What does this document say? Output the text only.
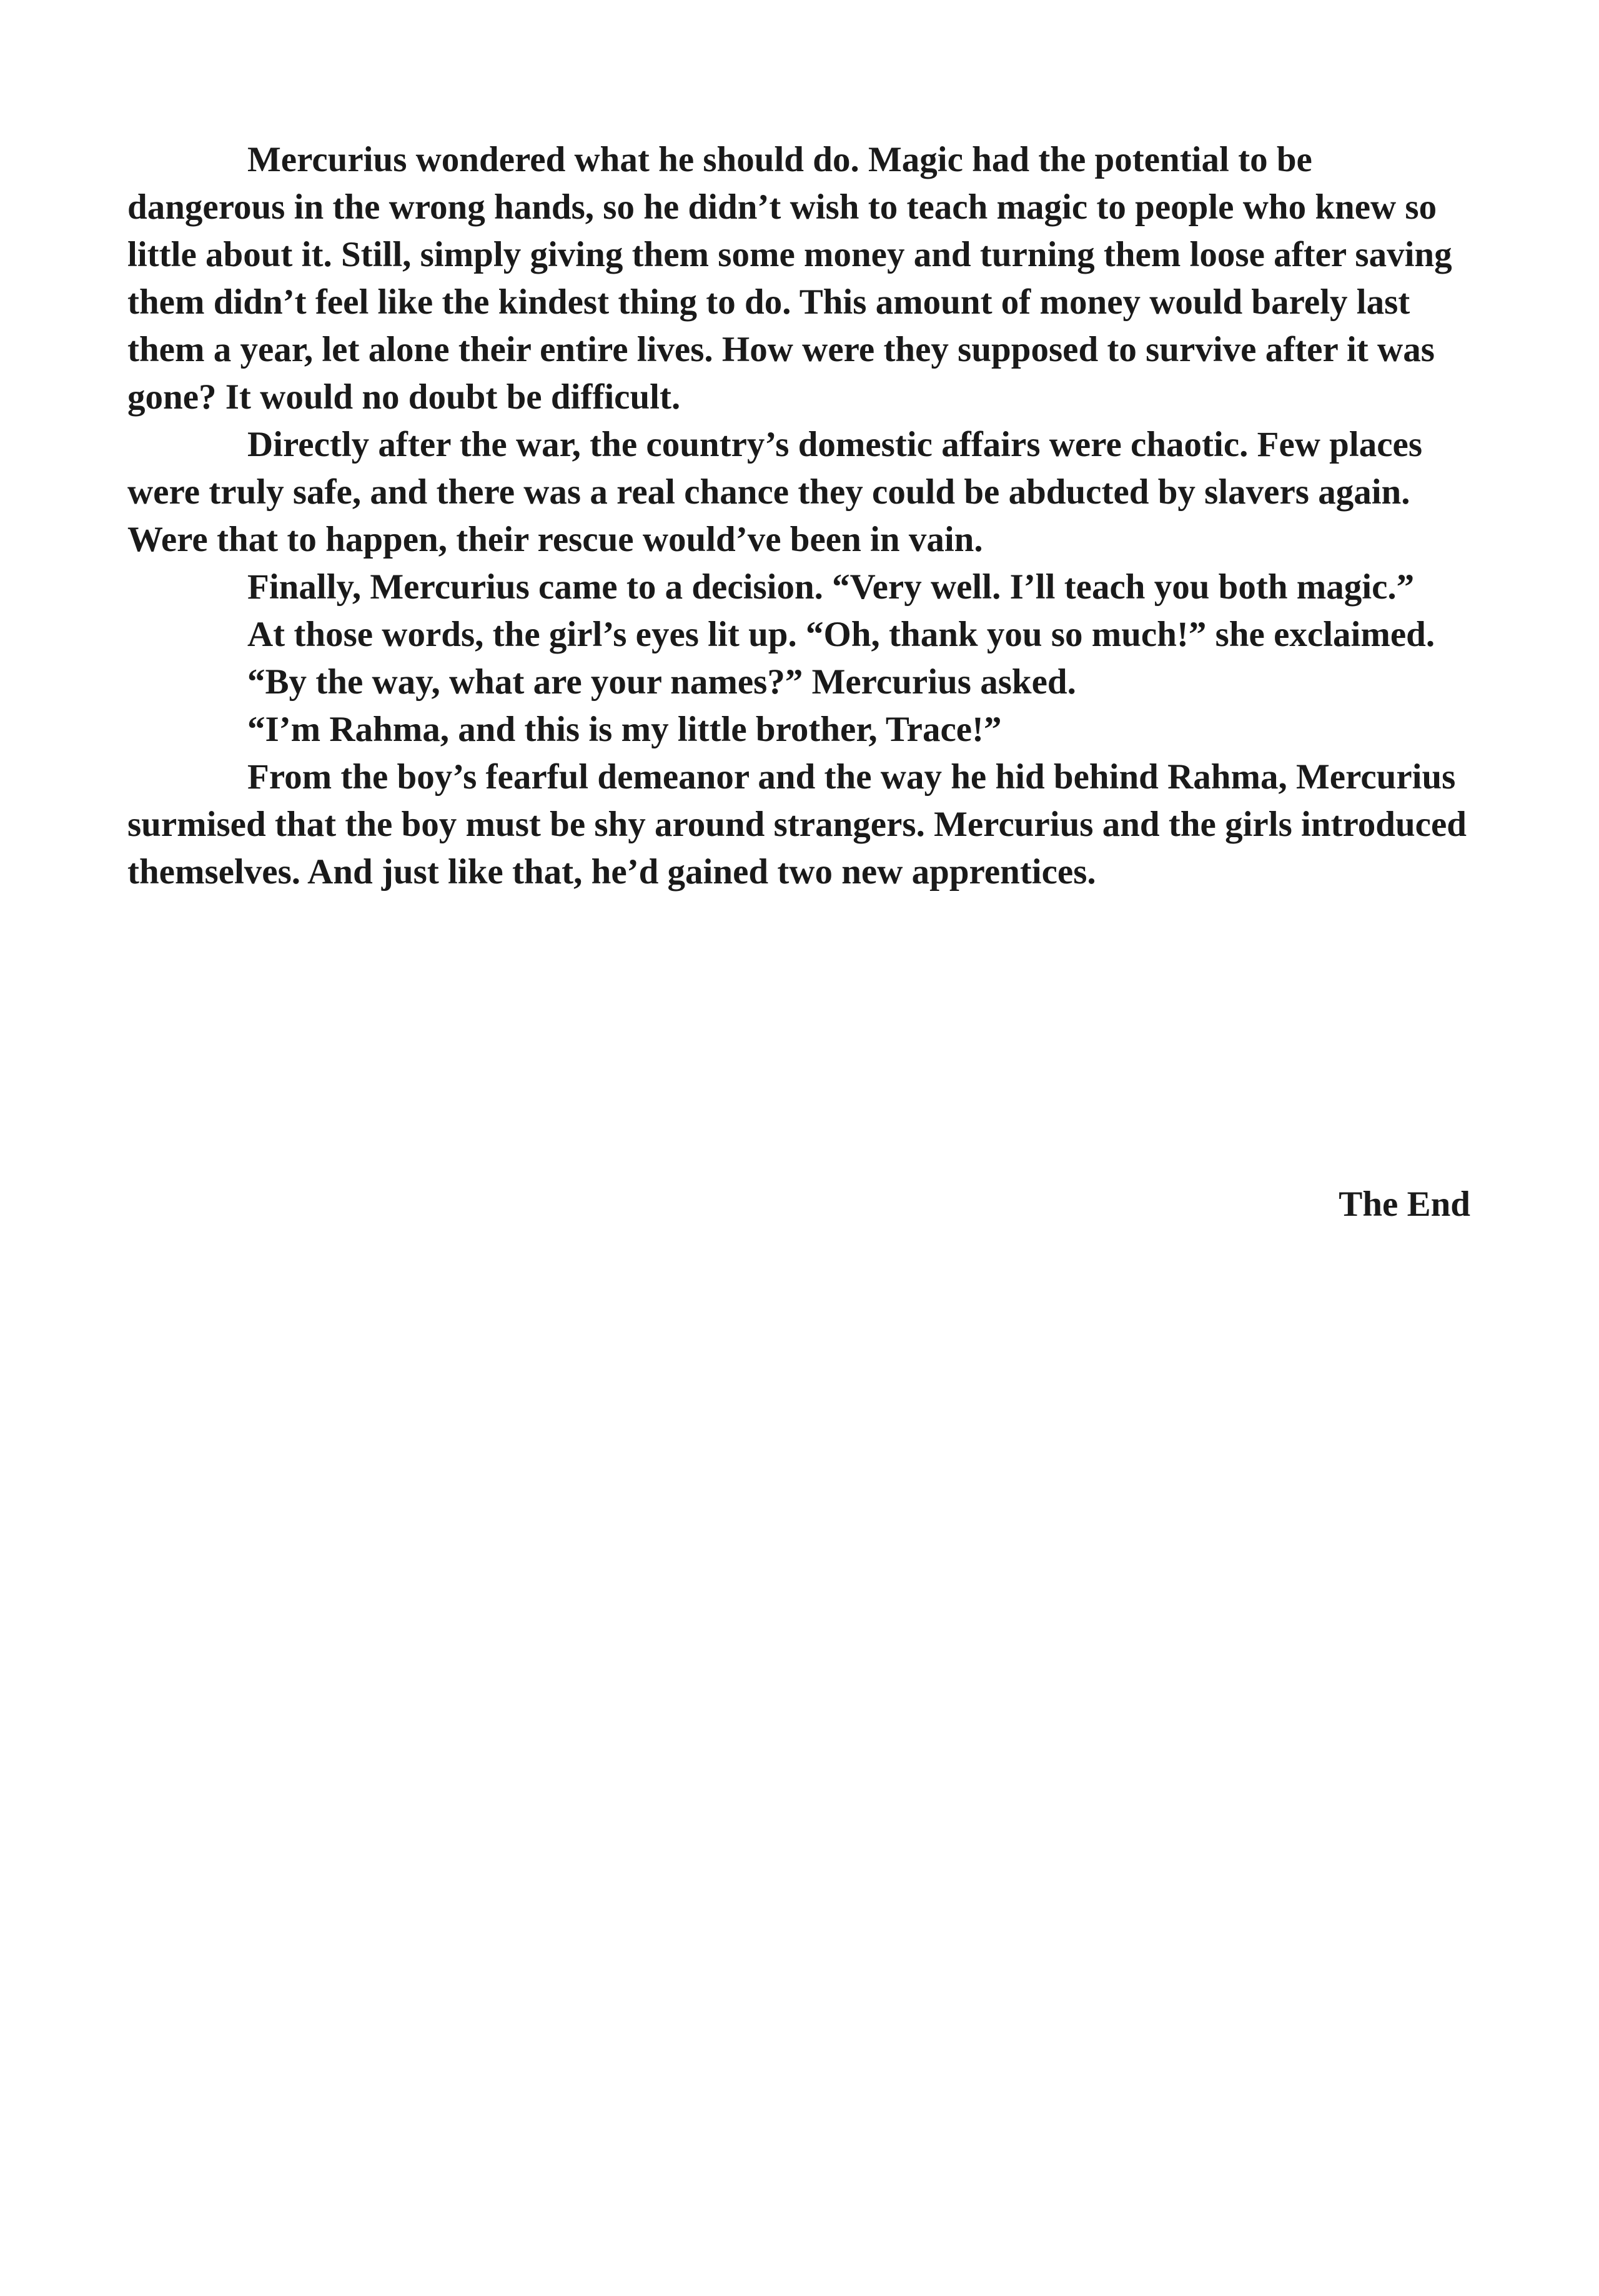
Mercurius wondered what he should do. Magic had the potential to be dangerous in the wrong hands, so he didn’t wish to teach magic to people who knew so little about it. Still, simply giving them some money and turning them loose after saving them didn’t feel like the kindest thing to do. This amount of money would barely last them a year, let alone their entire lives. How were they supposed to survive after it was gone? It would no doubt be difficult.

Directly after the war, the country’s domestic affairs were chaotic. Few places were truly safe, and there was a real chance they could be abducted by slavers again. Were that to happen, their rescue would’ve been in vain.

Finally, Mercurius came to a decision. “Very well. I’ll teach you both magic.”

At those words, the girl’s eyes lit up. “Oh, thank you so much!” she exclaimed.

“By the way, what are your names?” Mercurius asked.

“I’m Rahma, and this is my little brother, Trace!”

From the boy’s fearful demeanor and the way he hid behind Rahma, Mercurius surmised that the boy must be shy around strangers. Mercurius and the girls introduced themselves. And just like that, he’d gained two new apprentices.

The End
